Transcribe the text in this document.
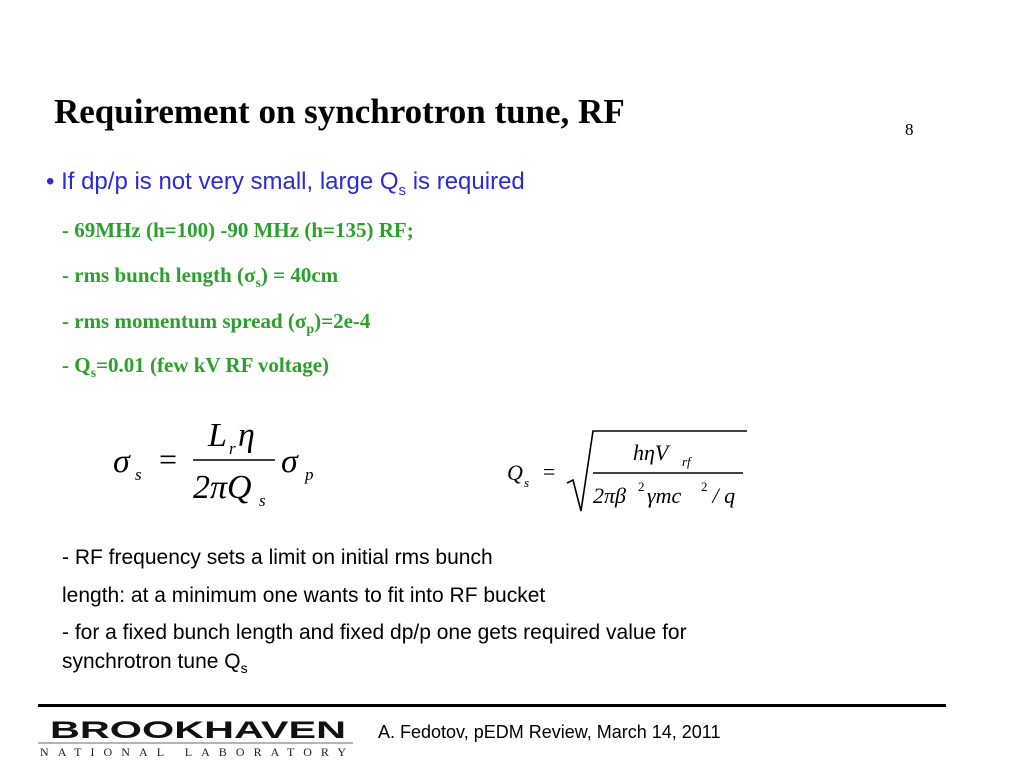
Requirement on synchrotron tune, RF	8
• If dp/p is not very small, large $Q_s$ is required
- 69MHz (h=100) -90 MHz (h=135) RF;
- rms bunch length $(\sigma_s) = 40cm$
- rms momentum spread $(\sigma_p)=2e-4$
- $Q_s=0.01$ (few kV RF voltage)
σ s =
L r η
2πQ s
σ p	Q s =
hηV rf
2πβ 2 γmc 2 / q
- RF frequency sets a limit on initial rms bunch
length: at a minimum one wants to fit into RF bucket
- for a fixed bunch length and fixed dp/p one gets required value for
synchrotron tune $Q_s$
BROOKHAVEN
NATIONAL LABORATORY
A. Fedotov, pEDM Review, March 14, 2011
